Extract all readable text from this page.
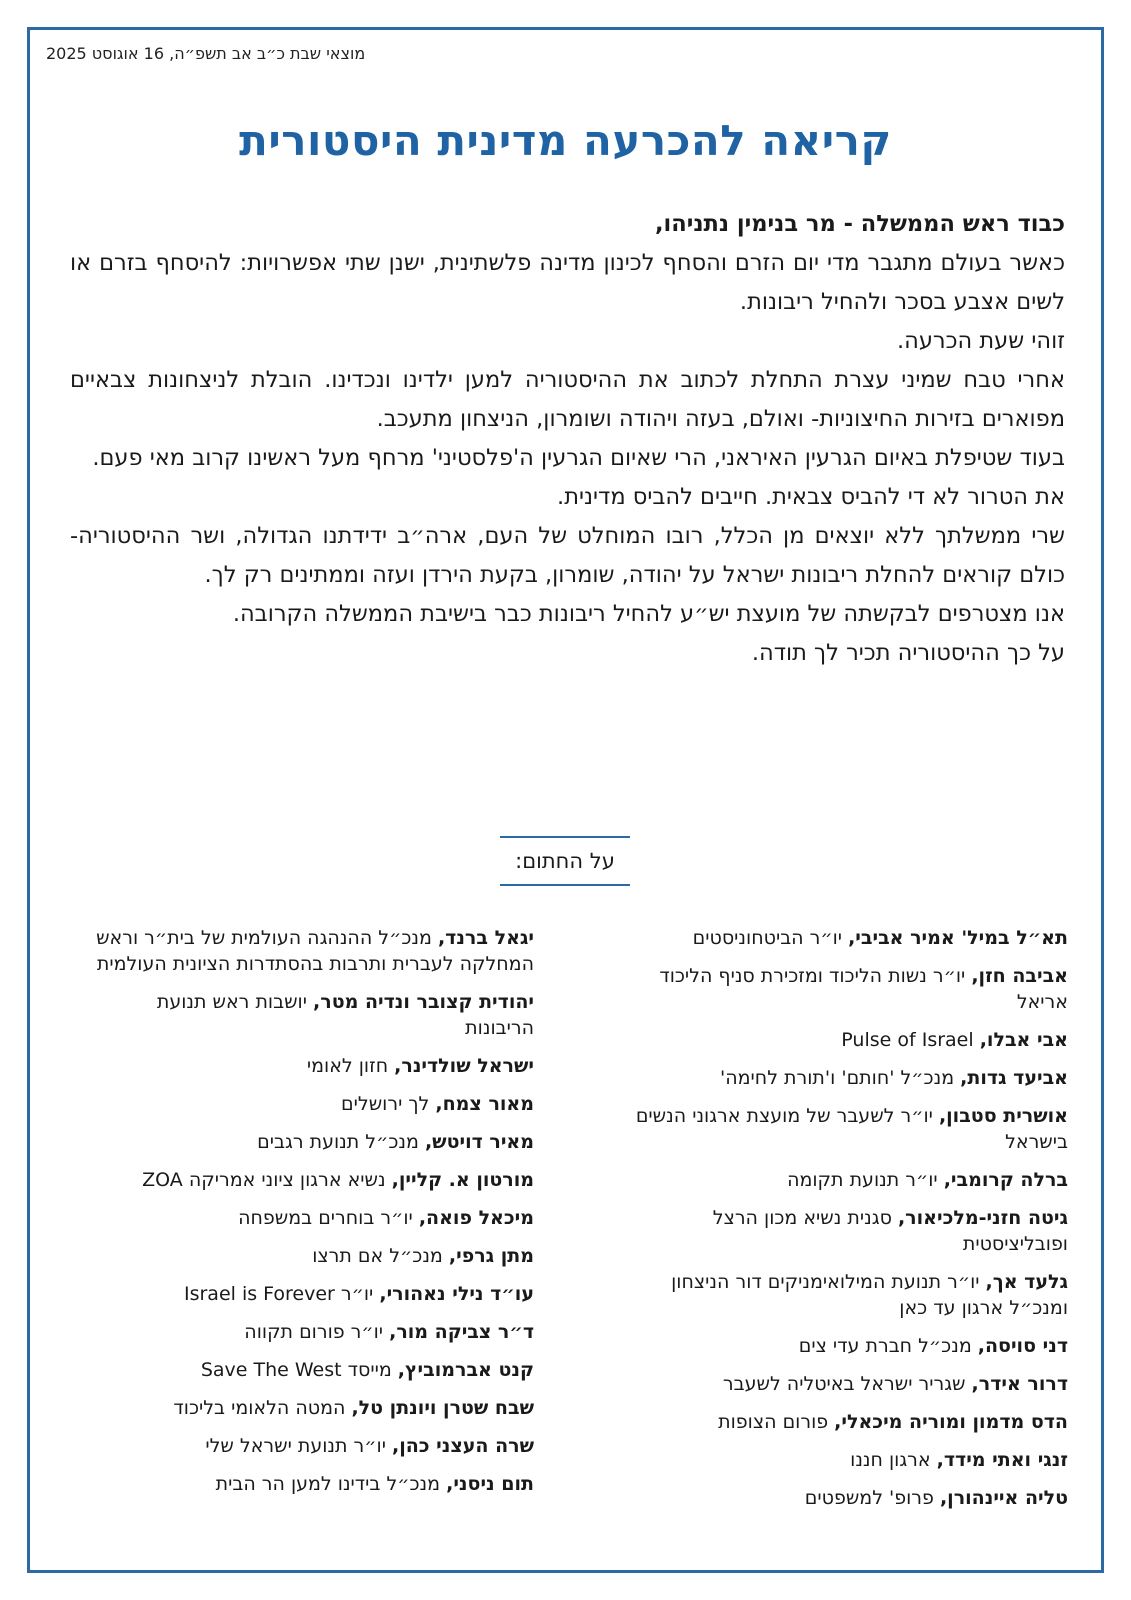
מוצאי שבת כ״ב אב תשפ״ה, 16 אוגוסט 2025
קריאה להכרעה מדינית היסטורית

כבוד ראש הממשלה - מר בנימין נתניהו,

כאשר בעולם מתגבר מדי יום הזרם והסחף לכינון מדינה פלשתינית, ישנן שתי אפשרויות: להיסחף בזרם או לשים אצבע בסכר ולהחיל ריבונות.

זוהי שעת הכרעה.

אחרי טבח שמיני עצרת התחלת לכתוב את ההיסטוריה למען ילדינו ונכדינו. הובלת לניצחונות צבאיים מפוארים בזירות החיצוניות- ואולם, בעזה ויהודה ושומרון, הניצחון מתעכב.

בעוד שטיפלת באיום הגרעין האיראני, הרי שאיום הגרעין ה'פלסטיני' מרחף מעל ראשינו קרוב מאי פעם.

את הטרור לא די להביס צבאית. חייבים להביס מדינית.

שרי ממשלתך ללא יוצאים מן הכלל, רובו המוחלט של העם, ארה״ב ידידתנו הגדולה, ושר ההיסטוריה- כולם קוראים להחלת ריבונות ישראל על יהודה, שומרון, בקעת הירדן ועזה וממתינים רק לך.

אנו מצטרפים לבקשתה של מועצת יש״ע להחיל ריבונות כבר בישיבת הממשלה הקרובה.

על כך ההיסטוריה תכיר לך תודה.

על החתום:
תא״ל במיל' אמיר אביבי, יו״ר הביטחוניסטים
אביבה חזן, יו״ר נשות הליכוד ומזכירת סניף הליכוד אריאל
אבי אבלו, Pulse of Israel
אביעד גדות, מנכ״ל 'חותם' ו'תורת לחימה'
אושרית סטבון, יו״ר לשעבר של מועצת ארגוני הנשים בישראל
ברלה קרומבי, יו״ר תנועת תקומה
גיטה חזני-מלכיאור, סגנית נשיא מכון הרצל ופובליציסטית
גלעד אך, יו״ר תנועת המילואימניקים דור הניצחון ומנכ״ל ארגון עד כאן
דני סויסה, מנכ״ל חברת עדי צים
דרור אידר, שגריר ישראל באיטליה לשעבר
הדס מדמון ומוריה מיכאלי, פורום הצופות
זנגי ואתי מידד, ארגון חננו
טליה איינהורן, פרופ' למשפטים
יגאל ברנד, מנכ״ל ההנהגה העולמית של בית״ר וראש המחלקה לעברית ותרבות בהסתדרות הציונית העולמית
יהודית קצובר ונדיה מטר, יושבות ראש תנועת הריבונות
ישראל שולדינר, חזון לאומי
מאור צמח, לך ירושלים
מאיר דויטש, מנכ״ל תנועת רגבים
מורטון א. קליין, נשיא ארגון ציוני אמריקה ZOA
מיכאל פואה, יו״ר בוחרים במשפחה
מתן גרפי, מנכ״ל אם תרצו
עו״ד נילי נאהורי, יו״ר Israel is Forever
ד״ר צביקה מור, יו״ר פורום תקווה
קנט אברמוביץ, מייסד Save The West
שבח שטרן ויונתן טל, המטה הלאומי בליכוד
שרה העצני כהן, יו״ר תנועת ישראל שלי
תום ניסני, מנכ״ל בידינו למען הר הבית
